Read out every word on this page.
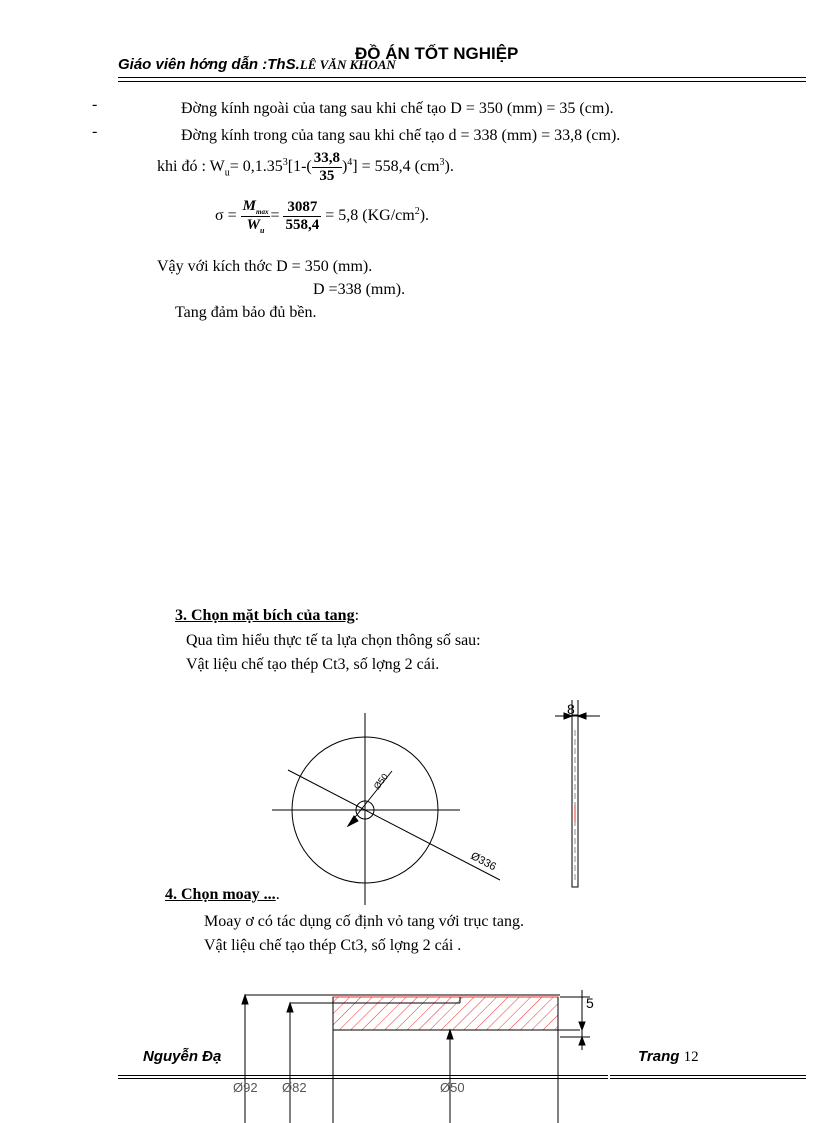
Giáo viên hớng dẫn :ThS.LÊ VĂN KHOAN
ĐỒ ÁN TỐT NGHIỆP
-	Đờng kính ngoài của tang sau khi chế tạo D = 350 (mm) = 35 (cm).
-	Đờng kính trong của tang sau khi chế tạo d = 338 (mm) = 33,8 (cm).
khi đó : $W_u= 0,1.35^3[1-( \frac{33,8}{35} )^4] = 558,4$ $(cm^3)$.
$\sigma = \frac{M_{max}}{W_u} = \frac{3087}{558,4} = 5,8$ $(KG/cm^2)$.
Vậy với kích thớc D = 350 (mm).
D =338 (mm).
Tang đảm bảo đủ bền.
3. Chọn mặt bích của tang:
Qua tìm hiểu thực tế ta lựa chọn thông số sau:
Vật liệu chế tạo thép Ct3, số lợng 2 cái.
8
Ø50
Ø336
4. Chọn moay ....
Moay ơ có tác dụng cố định vỏ tang với trục tang.
Vật liệu chế tạo thép Ct3, số lợng 2 cái .
Ø92 Ø82	Ø50
5
Nguyễn Đạ	Trang 12
